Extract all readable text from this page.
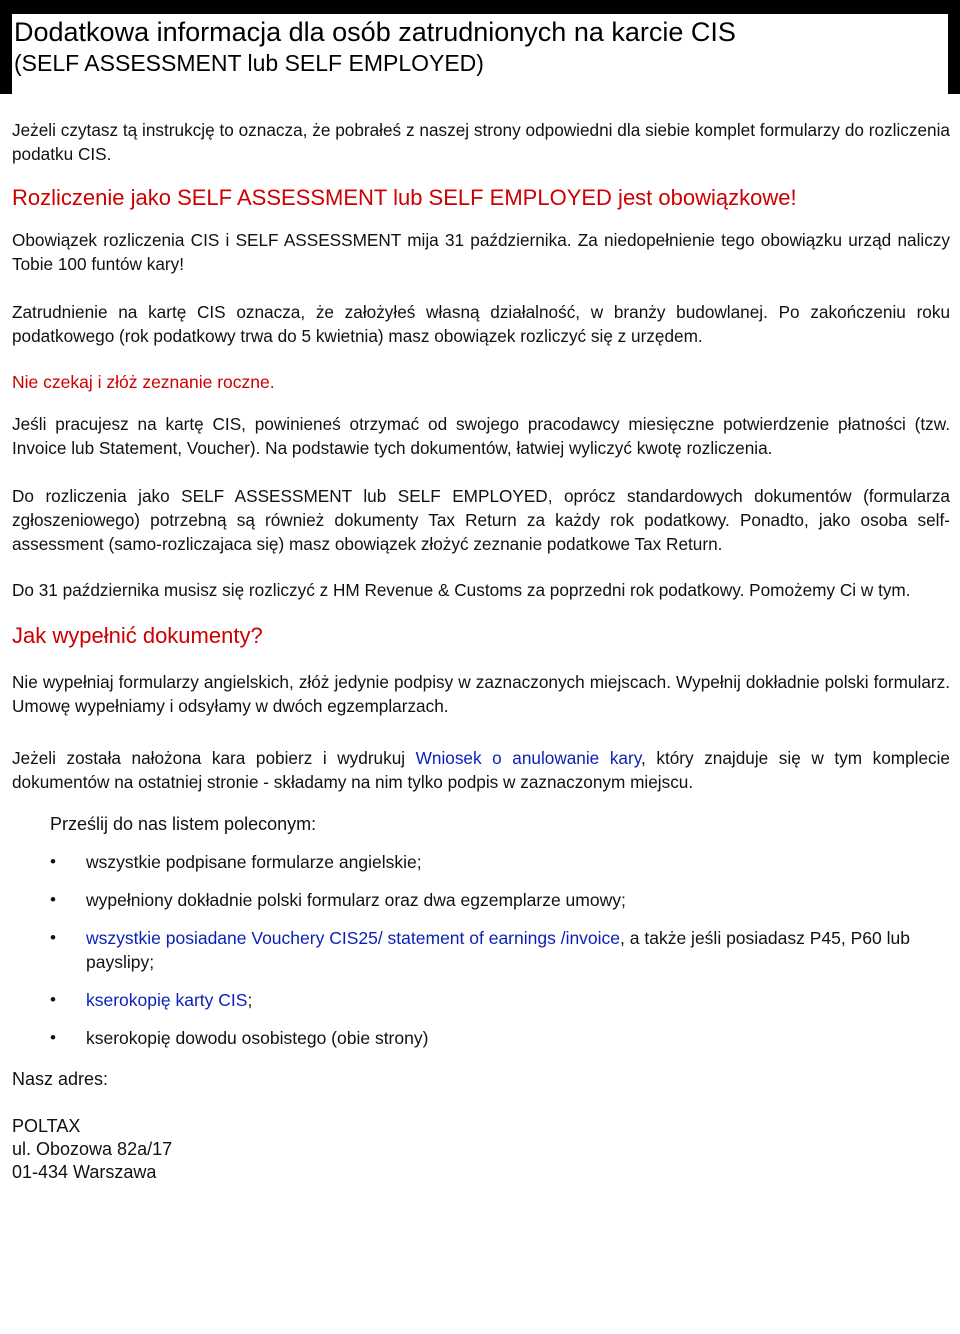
Dodatkowa informacja dla osób zatrudnionych na karcie CIS
(SELF ASSESSMENT lub SELF EMPLOYED)

Jeżeli czytasz tą instrukcję to oznacza, że pobrałeś z naszej strony odpowiedni dla siebie komplet formularzy do rozliczenia podatku CIS.

Rozliczenie jako SELF ASSESSMENT lub SELF EMPLOYED jest obowiązkowe!

Obowiązek rozliczenia CIS i SELF ASSESSMENT mija 31 października. Za niedopełnienie tego obowiązku urząd naliczy Tobie 100 funtów kary!

Zatrudnienie na kartę CIS oznacza, że założyłeś własną działalność, w branży budowlanej. Po zakończeniu roku podatkowego (rok podatkowy trwa do 5 kwietnia) masz obowiązek rozliczyć się z urzędem.

Nie czekaj i złóż zeznanie roczne.

Jeśli pracujesz na kartę CIS, powinieneś otrzymać od swojego pracodawcy miesięczne potwierdzenie płatności (tzw. Invoice lub Statement, Voucher). Na podstawie tych dokumentów, łatwiej wyliczyć kwotę rozliczenia.

Do rozliczenia jako SELF ASSESSMENT lub SELF EMPLOYED, oprócz standardowych dokumentów (formularza zgłoszeniowego) potrzebną są również dokumenty Tax Return za każdy rok podatkowy. Ponadto, jako osoba self-assessment (samo-rozliczajaca się) masz obowiązek złożyć zeznanie podatkowe Tax Return.

Do 31 października musisz się rozliczyć z HM Revenue & Customs za poprzedni rok podatkowy. Pomożemy Ci w tym.

Jak wypełnić dokumenty?

Nie wypełniaj formularzy angielskich, złóż jedynie podpisy w zaznaczonych miejscach. Wypełnij dokładnie polski formularz. Umowę wypełniamy i odsyłamy w dwóch egzemplarzach.

Jeżeli została nałożona kara pobierz i wydrukuj Wniosek o anulowanie kary, który znajduje się w tym komplecie dokumentów na ostatniej stronie - składamy na nim tylko podpis w zaznaczonym miejscu.

Prześlij do nas listem poleconym:

• wszystkie podpisane formularze angielskie;
• wypełniony dokładnie polski formularz oraz dwa egzemplarze umowy;
• wszystkie posiadane Vouchery CIS25/ statement of earnings /invoice, a także jeśli posiadasz P45, P60 lub payslipy;
• kserokopię karty CIS;
• kserokopię dowodu osobistego (obie strony)

Nasz adres:

POLTAX

ul. Obozowa 82a/17

01-434 Warszawa
